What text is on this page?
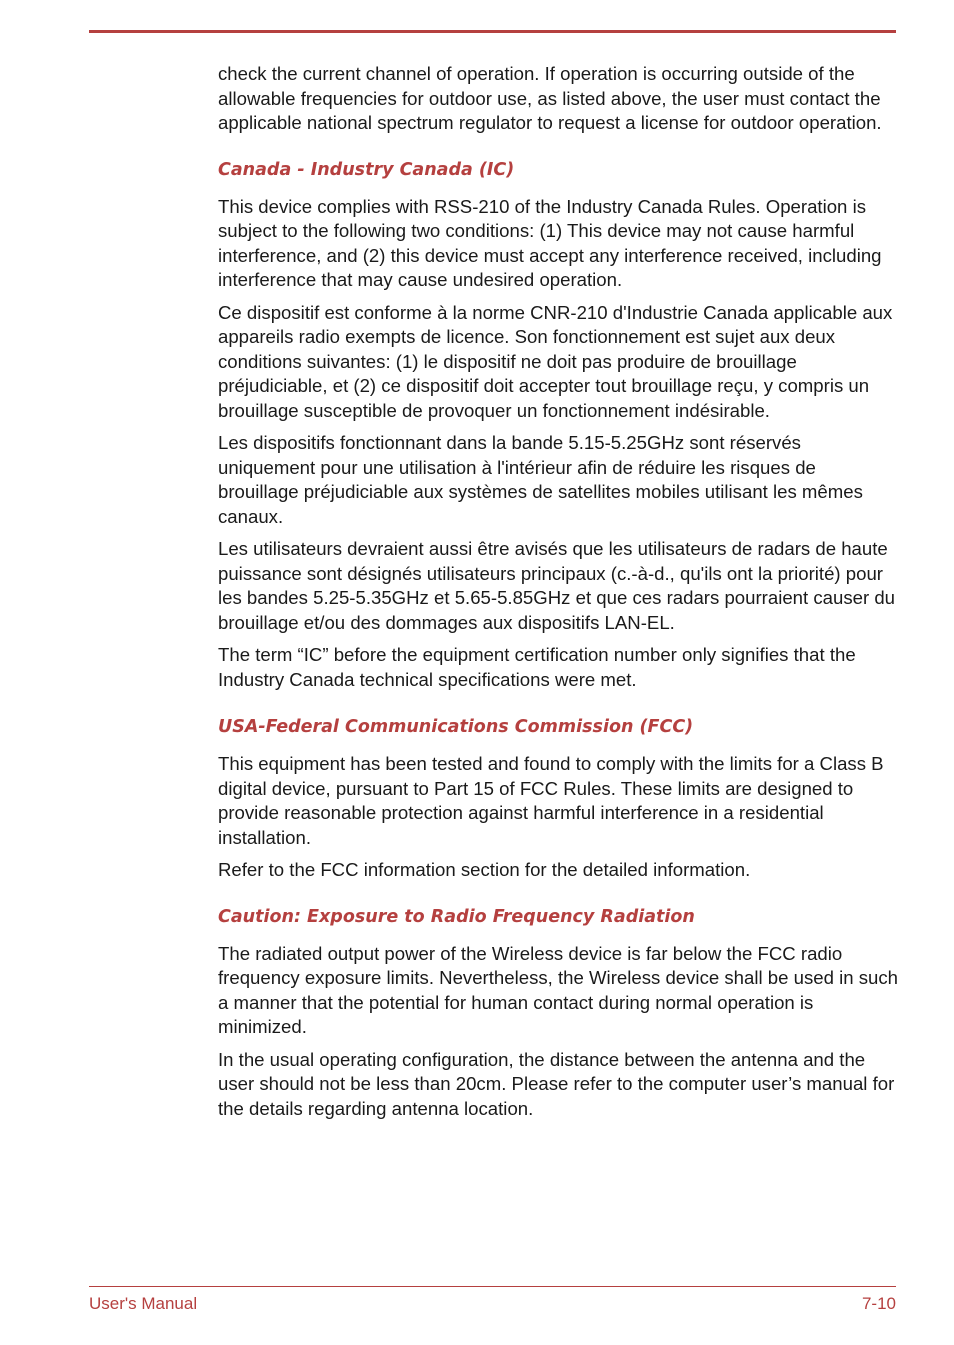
check the current channel of operation. If operation is occurring outside of the allowable frequencies for outdoor use, as listed above, the user must contact the applicable national spectrum regulator to request a license for outdoor operation.

Canada - Industry Canada (IC)

This device complies with RSS-210 of the Industry Canada Rules. Operation is subject to the following two conditions: (1) This device may not cause harmful interference, and (2) this device must accept any interference received, including interference that may cause undesired operation.

Ce dispositif est conforme à la norme CNR-210 d'Industrie Canada applicable aux appareils radio exempts de licence. Son fonctionnement est sujet aux deux conditions suivantes: (1) le dispositif ne doit pas produire de brouillage préjudiciable, et (2) ce dispositif doit accepter tout brouillage reçu, y compris un brouillage susceptible de provoquer un fonctionnement indésirable.

Les dispositifs fonctionnant dans la bande 5.15-5.25GHz sont réservés uniquement pour une utilisation à l'intérieur afin de réduire les risques de brouillage préjudiciable aux systèmes de satellites mobiles utilisant les mêmes canaux.

Les utilisateurs devraient aussi être avisés que les utilisateurs de radars de haute puissance sont désignés utilisateurs principaux (c.-à-d., qu'ils ont la priorité) pour les bandes 5.25-5.35GHz et 5.65-5.85GHz et que ces radars pourraient causer du brouillage et/ou des dommages aux dispositifs LAN-EL.

The term “IC” before the equipment certification number only signifies that the Industry Canada technical specifications were met.

USA-Federal Communications Commission (FCC)

This equipment has been tested and found to comply with the limits for a Class B digital device, pursuant to Part 15 of FCC Rules. These limits are designed to provide reasonable protection against harmful interference in a residential installation.

Refer to the FCC information section for the detailed information.

Caution: Exposure to Radio Frequency Radiation

The radiated output power of the Wireless device is far below the FCC radio frequency exposure limits. Nevertheless, the Wireless device shall be used in such a manner that the potential for human contact during normal operation is minimized.

In the usual operating configuration, the distance between the antenna and the user should not be less than 20cm. Please refer to the computer user’s manual for the details regarding antenna location.

User's Manual	7-10
